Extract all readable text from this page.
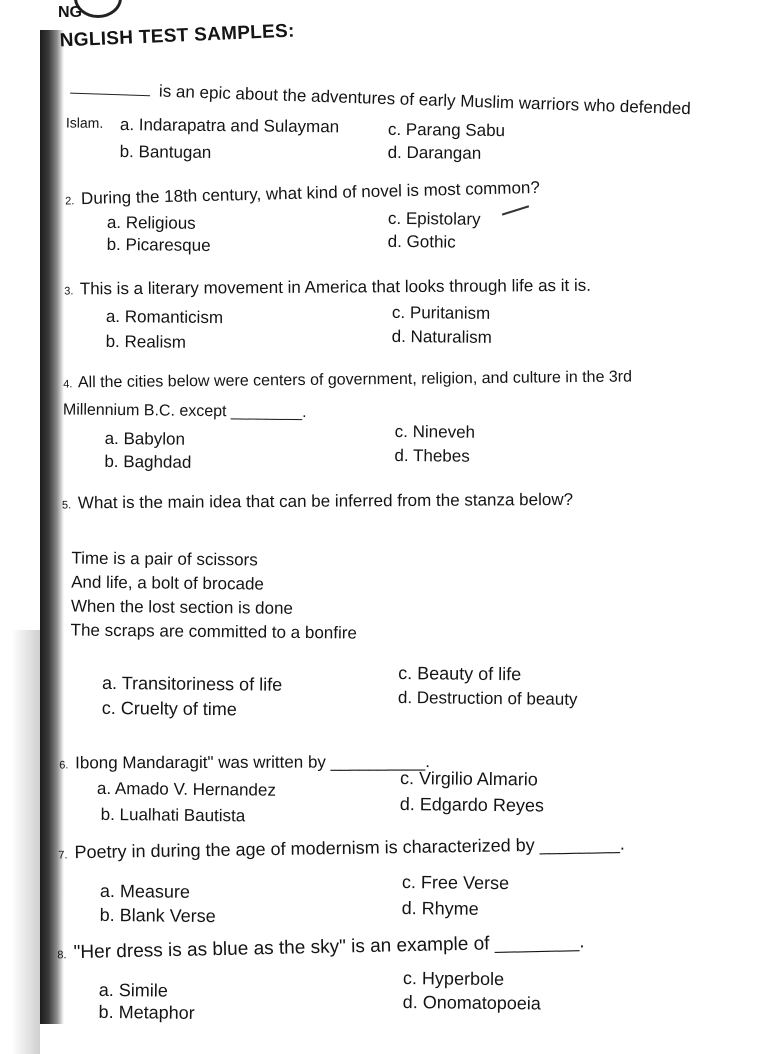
NG
NGLISH TEST SAMPLES:
is an epic about the adventures of early Muslim warriors who defended
Islam. a. Indarapatra and Sulayman
b. Bantugan
c. Parang Sabu
d. Darangan
2. During the 18th century, what kind of novel is most common?
a. Religious
b. Picaresque
c. Epistolary
d. Gothic
3. This is a literary movement in America that looks through life as it is.
a. Romanticism
b. Realism
c. Puritanism
d. Naturalism
4. All the cities below were centers of government, religion, and culture in the 3rd
Millennium B.C. except ________.
a. Babylon
b. Baghdad
c. Nineveh
d. Thebes
5. What is the main idea that can be inferred from the stanza below?
Time is a pair of scissors
And life, a bolt of brocade
When the lost section is done
The scraps are committed to a bonfire
a. Transitoriness of life
c. Cruelty of time
c. Beauty of life
d. Destruction of beauty
6. Ibong Mandaragit" was written by __________.
a. Amado V. Hernandez
b. Lualhati Bautista
c. Virgilio Almario
d. Edgardo Reyes
7. Poetry in during the age of modernism is characterized by ________.
a. Measure
b. Blank Verse
c. Free Verse
d. Rhyme
8. "Her dress is as blue as the sky" is an example of ________.
a. Simile
b. Metaphor
c. Hyperbole
d. Onomatopoeia
